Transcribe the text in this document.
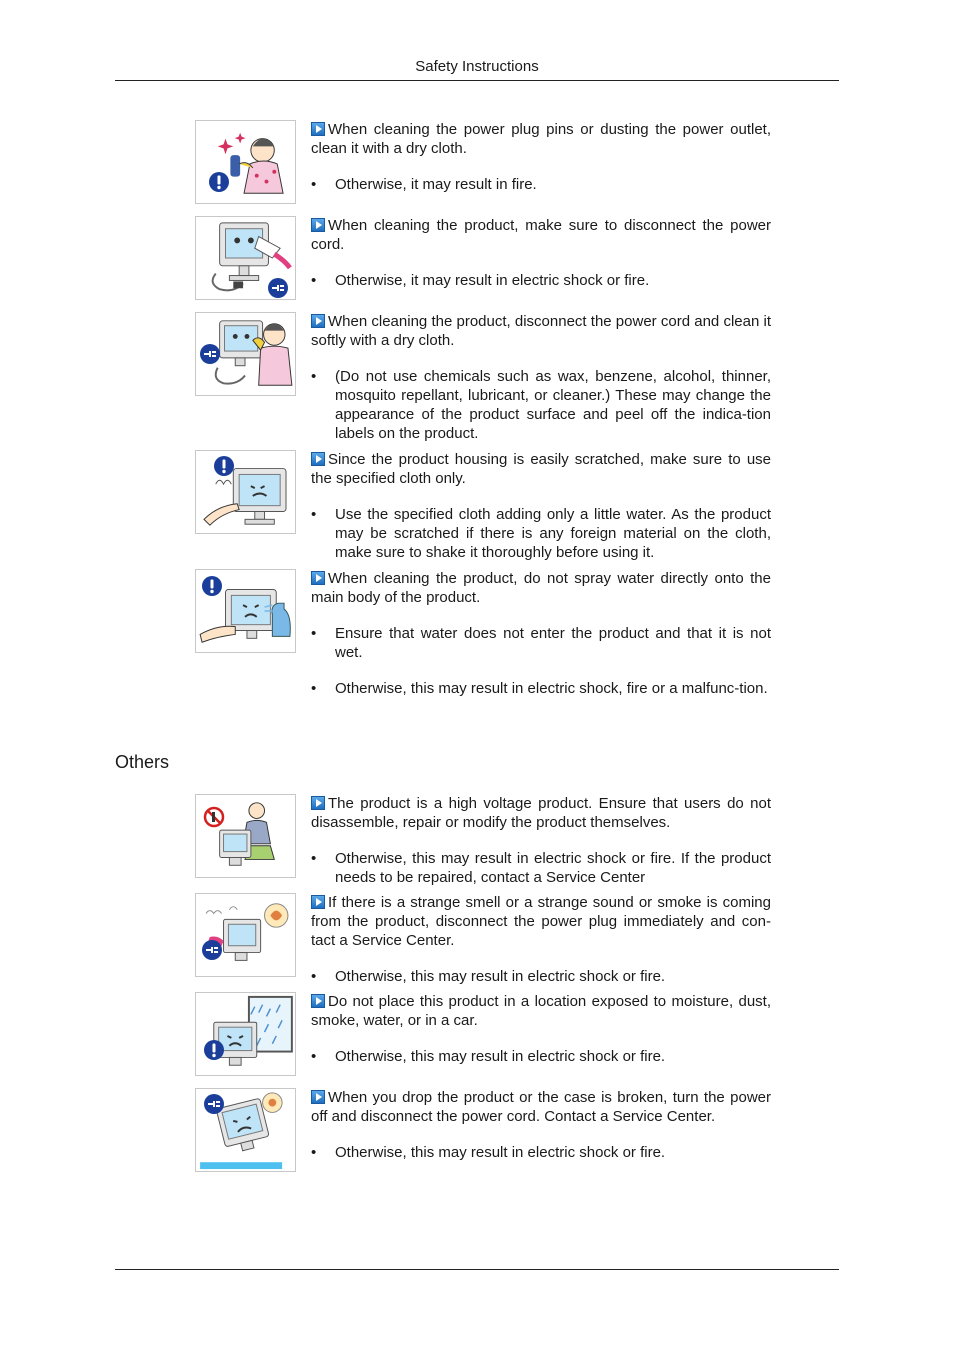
Safety Instructions

When cleaning the power plug pins or dusting the power outlet, clean it with a dry cloth.

• Otherwise, it may result in fire.

When cleaning the product, make sure to disconnect the power cord.

• Otherwise, it may result in electric shock or fire.

When cleaning the product, disconnect the power cord and clean it softly with a dry cloth.

• (Do not use chemicals such as wax, benzene, alcohol, thinner, mosquito repellant, lubricant, or cleaner.) These may change the appearance of the product surface and peel off the indica-tion labels on the product.

Since the product housing is easily scratched, make sure to use the specified cloth only.

• Use the specified cloth adding only a little water. As the product may be scratched if there is any foreign material on the cloth, make sure to shake it thoroughly before using it.

When cleaning the product, do not spray water directly onto the main body of the product.

• Ensure that water does not enter the product and that it is not wet.
• Otherwise, this may result in electric shock, fire or a malfunc-tion.
Others

The product is a high voltage product. Ensure that users do not disassemble, repair or modify the product themselves.

• Otherwise, this may result in electric shock or fire. If the product needs to be repaired, contact a Service Center

If there is a strange smell or a strange sound or smoke is coming from the product, disconnect the power plug immediately and con-tact a Service Center.

• Otherwise, this may result in electric shock or fire.

Do not place this product in a location exposed to moisture, dust, smoke, water, or in a car.

• Otherwise, this may result in electric shock or fire.

When you drop the product or the case is broken, turn the power off and disconnect the power cord. Contact a Service Center.

• Otherwise, this may result in electric shock or fire.
